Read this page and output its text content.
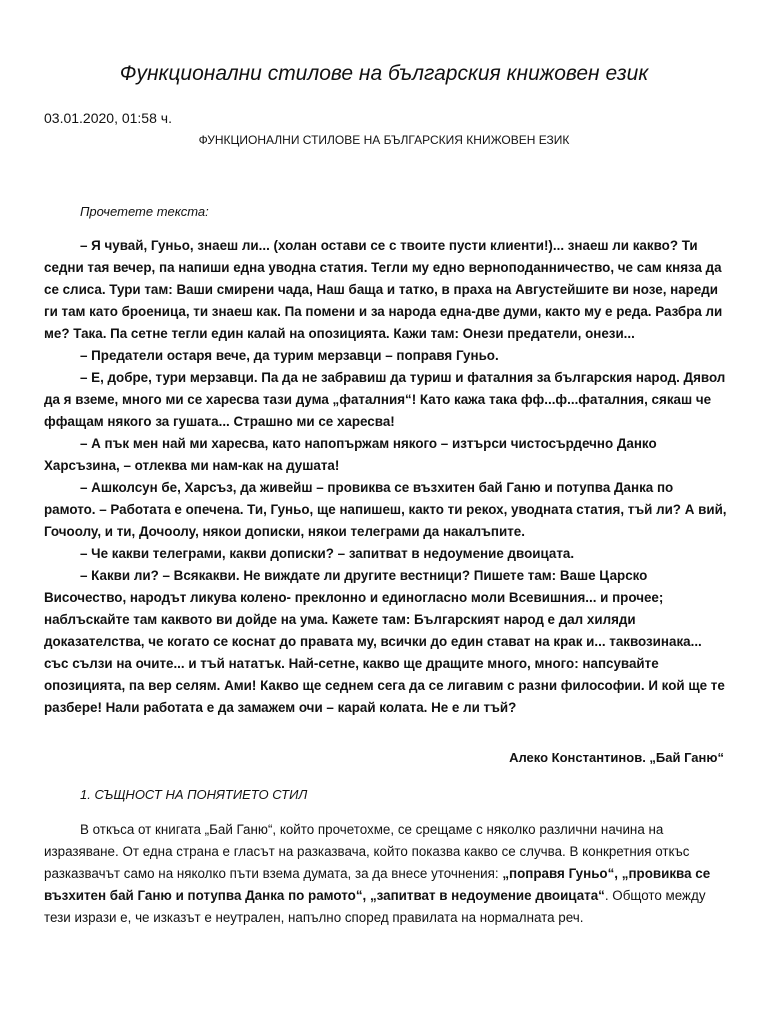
Функционални стилове на българския книжовен език

03.01.2020, 01:58 ч.

ФУНКЦИОНАЛНИ СТИЛОВЕ НА БЪЛГАРСКИЯ КНИЖОВЕН ЕЗИК

Прочетете текста:

– Я чувай, Гуньо, знаеш ли... (холан остави се с твоите пусти клиенти!)... знаеш ли какво? Ти седни тая вечер, па напиши една уводна статия. Тегли му едно верноподанничество, че сам княза да се слиса. Тури там: Ваши смирени чада, Наш баща и татко, в праха на Августейшите ви нозе, нареди ги там като броеница, ти знаеш как. Па помени и за народа една-две думи, както му е реда. Разбра ли ме? Така. Па сетне тегли един калай на опозицията. Кажи там: Онези предатели, онези...

– Предатели остаря вече, да турим мерзавци – поправя Гуньо.

– Е, добре, тури мерзавци. Па да не забравиш да туриш и фаталния за българския народ. Дявол да я вземе, много ми се харесва тази дума „фаталния“! Като кажа така фф...ф...фаталния, сякаш че ффащам някого за гушата... Страшно ми се харесва!

– А пък мен най ми харесва, като напопържам някого – изтърси чистосърдечно Данко Харсъзина, – отлеква ми нам-как на душата!

– Ашколсун бе, Харсъз, да живейш – провиква се възхитен бай Ганю и потупва Данка по рамото. – Работата е опечена. Ти, Гуньо, ще напишеш, както ти рекох, уводната статия, тъй ли? А вий, Гочоолу, и ти, Дочоолу, някои дописки, някои телеграми да накалъпите.

– Че какви телеграми, какви дописки? – запитват в недоумение двоицата.

– Какви ли? – Всякакви. Не виждате ли другите вестници? Пишете там: Ваше Царско Височество, народът ликува колено- преклонно и единогласно моли Всевишния... и прочее; наблъскайте там каквото ви дойде на ума. Кажете там: Българският народ е дал хиляди доказателства, че когато се коснат до правата му, всички до един стават на крак и... таквозинака... със сълзи на очите... и тъй нататък. Най-сетне, какво ще дращите много, много: напсувайте опозицията, па вер селям. Ами! Какво ще седнем сега да се лигавим с разни философии. И кой ще те разбере! Нали работата е да замажем очи – карай колата. Не е ли тъй?

Алеко Константинов. „Бай Ганю“

1. СЪЩНОСТ НА ПОНЯТИЕТО СТИЛ

В откъса от книгата „Бай Ганю“, който прочетохме, се срещаме с няколко различни начина на изразяване. От една страна е гласът на разказвача, който показва какво се случва. В конкретния откъс разказвачът само на няколко пъти взема думата, за да внесе уточнения: „поправя Гуньо“, „провиква се възхитен бай Ганю и потупва Данка по рамото“, „запитват в недоумение двоицата“. Общото между тези изрази е, че изказът е неутрален, напълно според правилата на нормалната реч.
